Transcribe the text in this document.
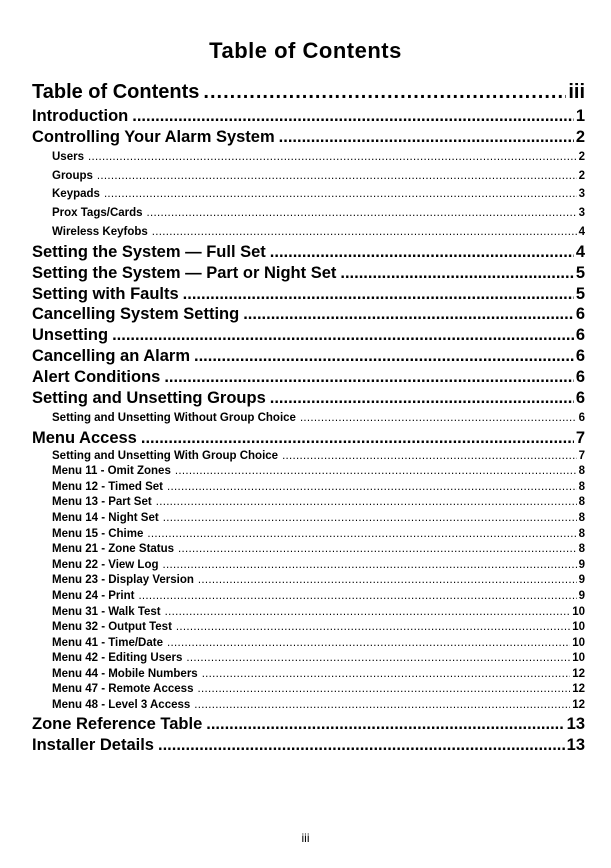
Table of Contents
Table of Contents .....	iii
Introduction .....	1
Controlling Your Alarm System .....	2
Users .....	2
Groups .....	2
Keypads .....	3
Prox Tags/Cards .....	3
Wireless Keyfobs .....	4
Setting the System — Full Set .....	4
Setting the System — Part or Night Set .....	5
Setting with Faults .....	5
Cancelling System Setting .....	6
Unsetting .....	6
Cancelling an Alarm .....	6
Alert Conditions .....	6
Setting and Unsetting Groups .....	6
Setting and Unsetting Without Group Choice .....	6
Menu Access .....	7
Setting and Unsetting With Group Choice .....	7
Menu 11 - Omit Zones .....	8
Menu 12 - Timed Set .....	8
Menu 13 - Part Set .....	8
Menu 14 - Night Set .....	8
Menu 15 - Chime .....	8
Menu 21 - Zone Status .....	8
Menu 22 - View Log .....	9
Menu 23 - Display Version .....	9
Menu 24 - Print .....	9
Menu 31 - Walk Test .....	10
Menu 32 - Output Test .....	10
Menu 41 - Time/Date .....	10
Menu 42 - Editing Users .....	10
Menu 44 - Mobile Numbers .....	12
Menu 47 - Remote Access .....	12
Menu 48 - Level 3 Access .....	12
Zone Reference Table .....	13
Installer Details .....	13
iii
